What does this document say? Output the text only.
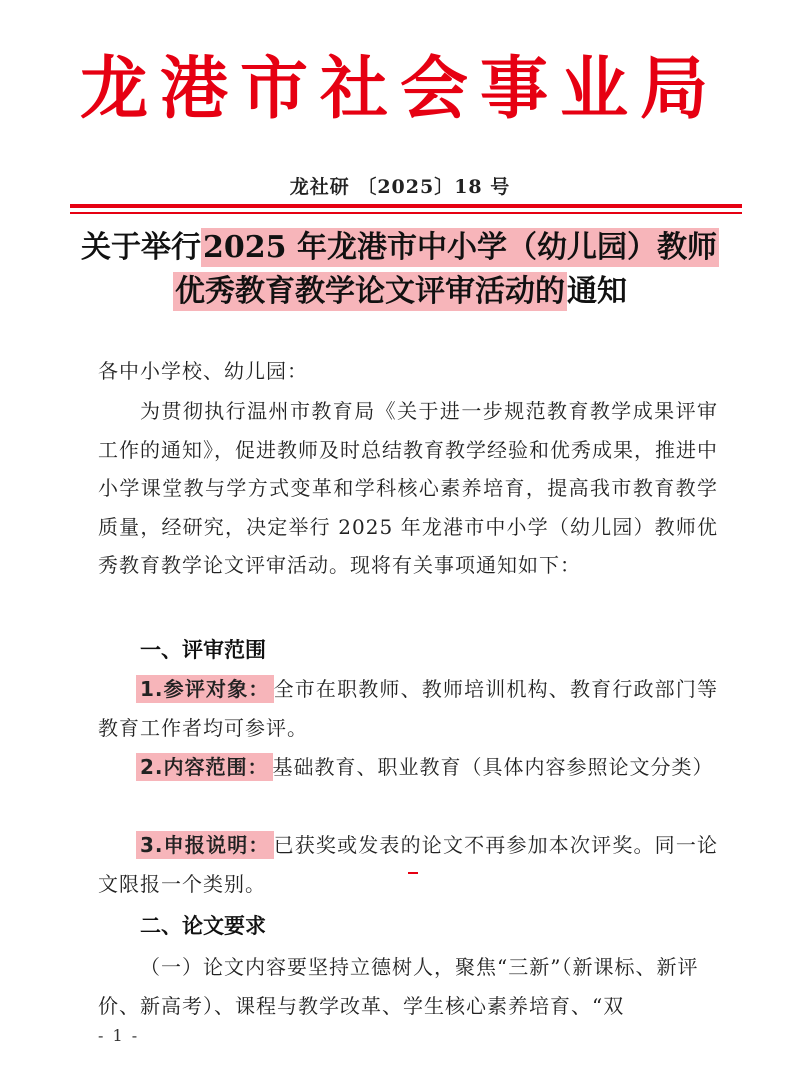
龙港市社会事业局
龙社研 〔2025〕18 号
关于举行2025 年龙港市中小学（幼儿园）教师
优秀教育教学论文评审活动的通知
各中小学校、幼儿园：
为贯彻执行温州市教育局《关于进一步规范教育教学成果评审工作的通知》，促进教师及时总结教育教学经验和优秀成果，推进中小学课堂教与学方式变革和学科核心素养培育，提高我市教育教学质量，经研究，决定举行 2025 年龙港市中小学（幼儿园）教师优秀教育教学论文评审活动。现将有关事项通知如下：
一、评审范围
1.参评对象： 全市在职教师、教师培训机构、教育行政部门等教育工作者均可参评。
2.内容范围： 基础教育、职业教育（具体内容参照论文分类）
3.申报说明： 已获奖或发表的论文不再参加本次评奖。同一论文限报一个类别。
二、论文要求
（一）论文内容要坚持立德树人，聚焦“三新”（新课标、新评价、新高考）、课程与教学改革、学生核心素养培育、“双
- 1 -
